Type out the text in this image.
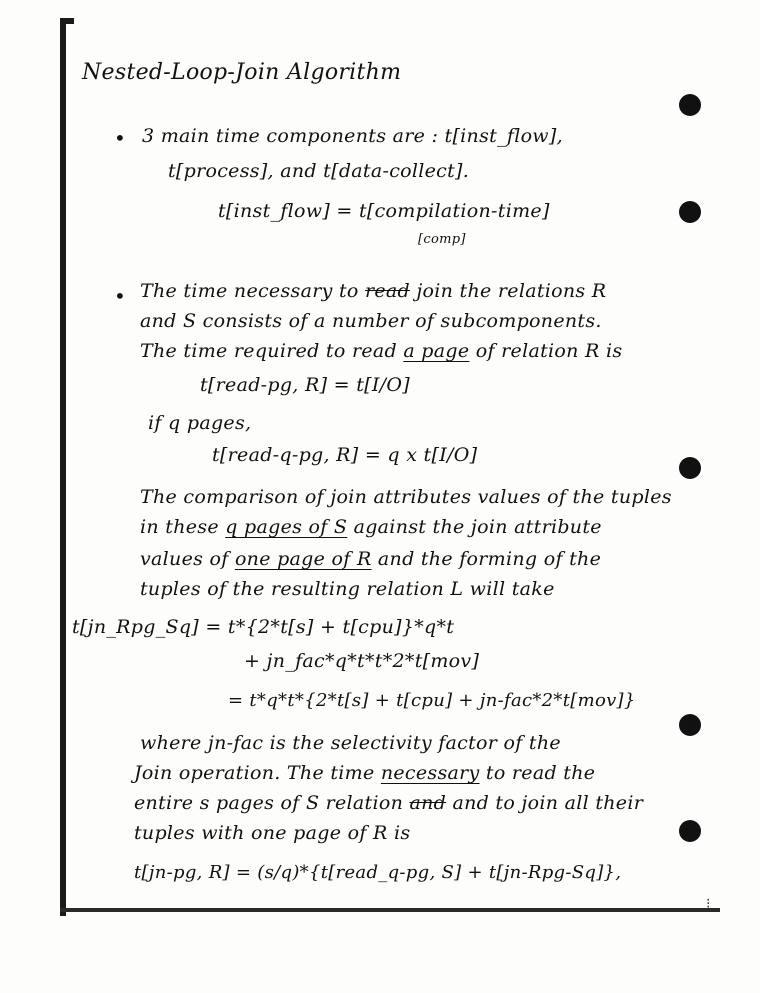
Nested-Loop-Join Algorithm
• 3 main time components are : t[inst_flow],
t[process], and t[data-collect].
t[inst_flow] = t[compilation-time]
[comp]
• The time necessary to read join the relations R
and S consists of a number of subcomponents.
The time required to read a page of relation R is
t[read-pg, R] = t[I/O]
if q pages,
t[read-q-pg, R] = q x t[I/O]
The comparison of join attributes values of the tuples
in these q pages of S against the join attribute
values of one page of R and the forming of the
tuples of the resulting relation L will take
t[jn_Rpg_Sq] = t*{2*t[s] + t[cpu]}*q*t
+ jn_fac*q*t*t*2*t[mov]
= t*q*t*{2*t[s] + t[cpu] + jn-fac*2*t[mov]}
where jn-fac is the selectivity factor of the
Join operation. The time necessary to read the
entire s pages of S relation and and to join all their
tuples with one page of R is
t[jn-pg, R] = (s/q)*{t[read_q-pg, S] + t[jn-Rpg-Sq]},
⁝
